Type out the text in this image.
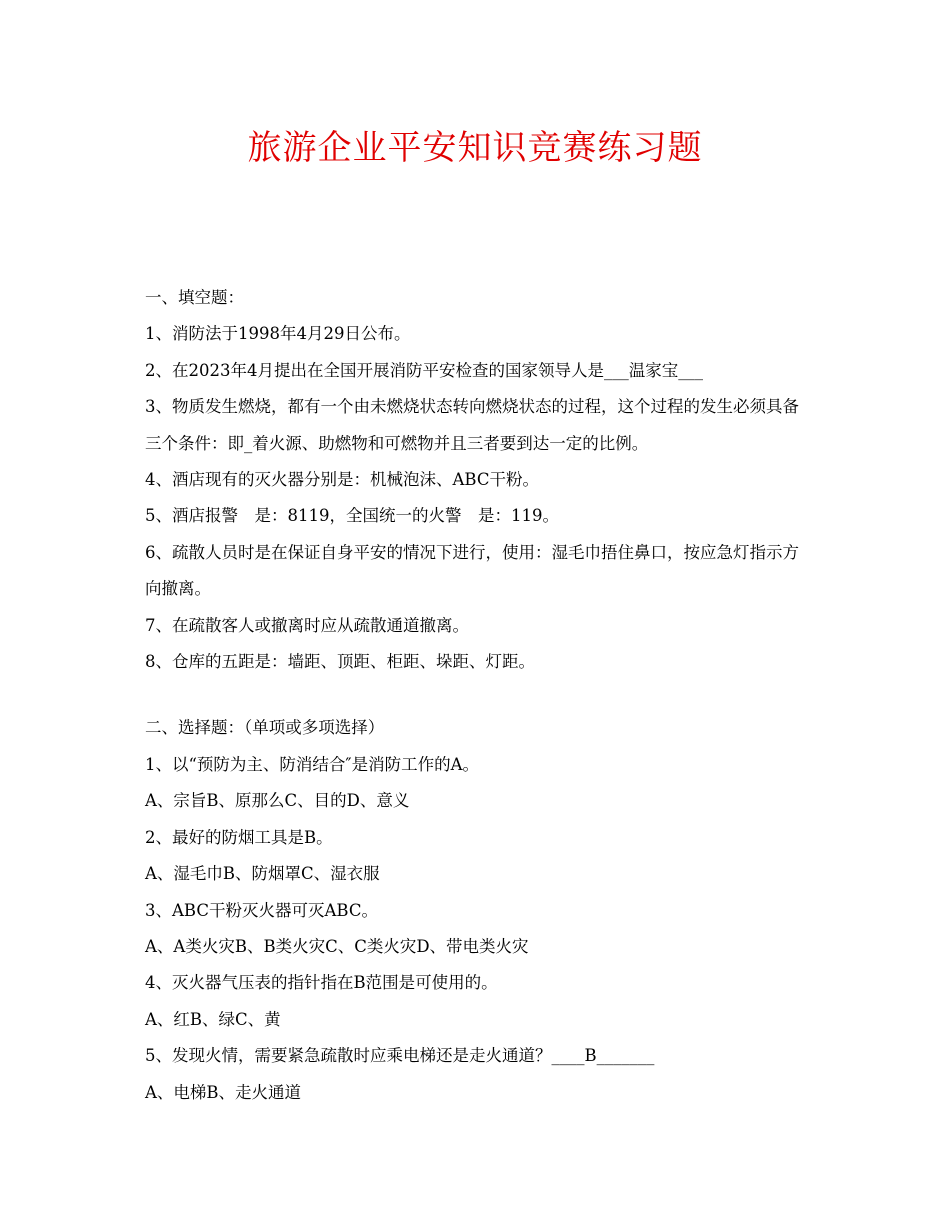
旅游企业平安知识竞赛练习题

一、填空题：

1、消防法于1998年4月29日公布。

2、在2023年4月提出在全国开展消防平安检查的国家领导人是___温家宝___

3、物质发生燃烧，都有一个由未燃烧状态转向燃烧状态的过程，这个过程的发生必须具备三个条件：即_着火源、助燃物和可燃物并且三者要到达一定的比例。

4、酒店现有的灭火器分别是：机械泡沫、ABC干粉。

5、酒店报警　是：8119，全国统一的火警　是：119。

6、疏散人员时是在保证自身平安的情况下进行，使用：湿毛巾捂住鼻口，按应急灯指示方向撤离。

7、在疏散客人或撤离时应从疏散通道撤离。

8、仓库的五距是：墙距、顶距、柜距、垛距、灯距。

二、选择题：（单项或多项选择）

1、以“预防为主、防消结合″是消防工作的A。

A、宗旨B、原那么C、目的D、意义

2、最好的防烟工具是B。

A、湿毛巾B、防烟罩C、湿衣服

3、ABC干粉灭火器可灭ABC。

A、A类火灾B、B类火灾C、C类火灾D、带电类火灾

4、灭火器气压表的指针指在B范围是可使用的。

A、红B、绿C、黄

5、发现火情，需要紧急疏散时应乘电梯还是走火通道？____B_______

A、电梯B、走火通道
